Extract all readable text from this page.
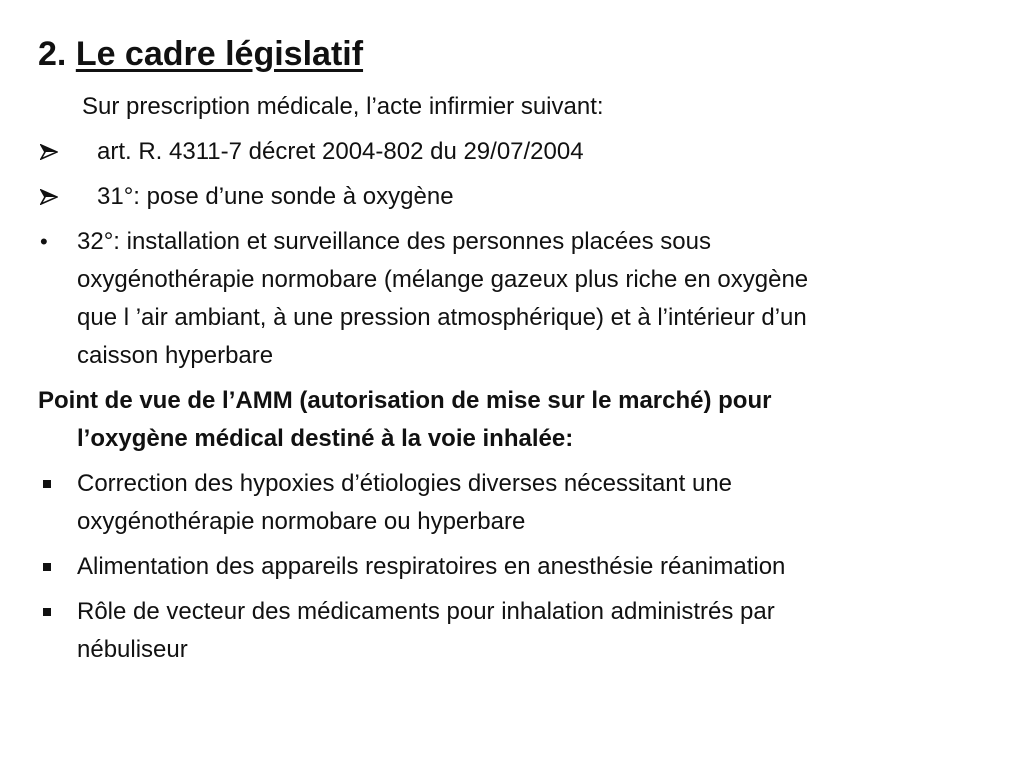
2. Le cadre législatif
Sur prescription médicale, l’acte infirmier suivant:
art. R. 4311-7 décret 2004-802 du 29/07/2004
31°: pose d’une sonde à oxygène
•	32°: installation et surveillance des personnes placées sous
oxygénothérapie normobare (mélange gazeux plus riche en oxygène
que l ’air ambiant, à une pression atmosphérique) et à l’intérieur d’un
caisson hyperbare
Point de vue de l’AMM (autorisation de mise sur le marché) pour
l’oxygène médical destiné à la voie inhalée:
Correction des hypoxies d’étiologies diverses nécessitant une
oxygénothérapie normobare ou hyperbare
Alimentation des appareils respiratoires en anesthésie réanimation
Rôle de vecteur des médicaments pour inhalation administrés par
nébuliseur
